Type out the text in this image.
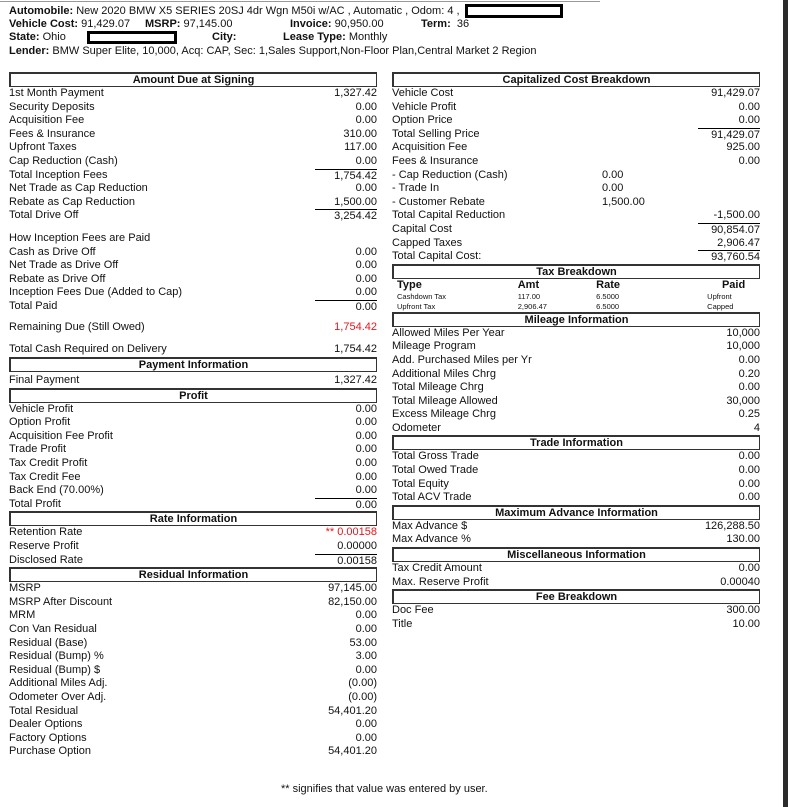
Automobile: New 2020 BMW X5 SERIES 20SJ 4dr Wgn M50i w/AC , Automatic , Odom: 4 ,
Vehicle Cost: 91,429.07 MSRP: 97,145.00	Invoice: 90,950.00	Term: 36
State: Ohio	City:	Lease Type: Monthly
Lender: BMW Super Elite, 10,000, Acq: CAP, Sec: 1,Sales Support,Non-Floor Plan,Central Market 2 Region
Amount Due at Signing
1st Month Payment	1,327.42
Security Deposits	0.00
Acquisition Fee	0.00
Fees & Insurance	310.00
Upfront Taxes	117.00
Cap Reduction (Cash)	0.00
Total Inception Fees	1,754.42
Net Trade as Cap Reduction	0.00
Rebate as Cap Reduction	1,500.00
Total Drive Off	3,254.42
How Inception Fees are Paid
Cash as Drive Off	0.00
Net Trade as Drive Off	0.00
Rebate as Drive Off	0.00
Inception Fees Due (Added to Cap)	0.00
Total Paid	0.00
Remaining Due (Still Owed)	1,754.42
Total Cash Required on Delivery	1,754.42
Payment Information
Final Payment	1,327.42
Profit
Vehicle Profit	0.00
Option Profit	0.00
Acquisition Fee Profit	0.00
Trade Profit	0.00
Tax Credit Profit	0.00
Tax Credit Fee	0.00
Back End (70.00%)	0.00
Total Profit	0.00
Rate Information
Retention Rate	** 0.00158
Reserve Profit	0.00000
Disclosed Rate	0.00158
Residual Information
MSRP	97,145.00
MSRP After Discount	82,150.00
MRM	0.00
Con Van Residual	0.00
Residual (Base)	53.00
Residual (Bump) %	3.00
Residual (Bump) $	0.00
Additional Miles Adj.	(0.00)
Odometer Over Adj.	(0.00)
Total Residual	54,401.20
Dealer Options	0.00
Factory Options	0.00
Purchase Option	54,401.20
Capitalized Cost Breakdown
Vehicle Cost	91,429.07
Vehicle Profit	0.00
Option Price	0.00
Total Selling Price	91,429.07
Acquisition Fee	925.00
Fees & Insurance	0.00
- Cap Reduction (Cash)	0.00
- Trade In	0.00
- Customer Rebate	1,500.00
Total Capital Reduction	-1,500.00
Capital Cost	90,854.07
Capped Taxes	2,906.47
Total Capital Cost:	93,760.54
Tax Breakdown
Type	Amt	Rate	Paid
Cashdown Tax	117.00	6.5000	Upfront
Upfront Tax	2,906.47	6.5000	Capped
Mileage Information
Allowed Miles Per Year	10,000
Mileage Program	10,000
Add. Purchased Miles per Yr	0.00
Additional Miles Chrg	0.20
Total Mileage Chrg	0.00
Total Mileage Allowed	30,000
Excess Mileage Chrg	0.25
Odometer	4
Trade Information
Total Gross Trade	0.00
Total Owed Trade	0.00
Total Equity	0.00
Total ACV Trade	0.00
Maximum Advance Information
Max Advance $	126,288.50
Max Advance %	130.00
Miscellaneous Information
Tax Credit Amount	0.00
Max. Reserve Profit	0.00040
Fee Breakdown
Doc Fee	300.00
Title	10.00
** signifies that value was entered by user.
